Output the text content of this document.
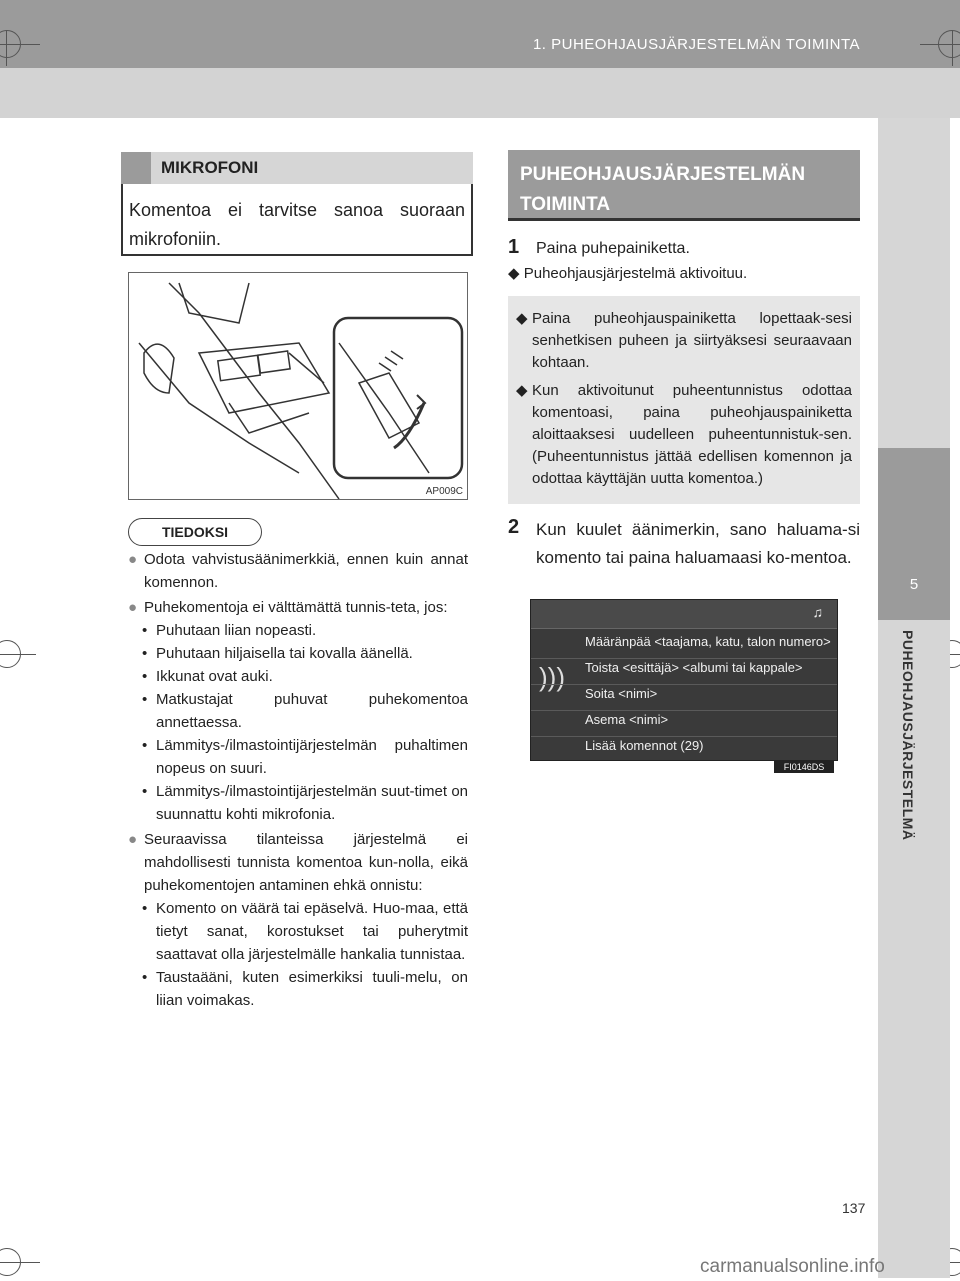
1. PUHEOHJAUSJÄRJESTELMÄN TOIMINTA
5
PUHEOHJAUSJÄRJESTELMÄ
MIKROFONI
Komentoa ei tarvitse sanoa suoraan mikrofoniin.
AP009C
TIEDOKSI
● Odota vahvistusäänimerkkiä, ennen kuin annat komennon.
● Puhekomentoja ei välttämättä tunnis-teta, jos:
• Puhutaan liian nopeasti.
• Puhutaan hiljaisella tai kovalla äänellä.
• Ikkunat ovat auki.
• Matkustajat puhuvat puhekomentoa annettaessa.
• Lämmitys-/ilmastointijärjestelmän puhaltimen nopeus on suuri.
• Lämmitys-/ilmastointijärjestelmän suut-timet on suunnattu kohti mikrofonia.
● Seuraavissa tilanteissa järjestelmä ei mahdollisesti tunnista komentoa kun-nolla, eikä puhekomentojen antaminen ehkä onnistu:
• Komento on väärä tai epäselvä. Huo-maa, että tietyt sanat, korostukset tai puherytmit saattavat olla järjestelmälle hankalia tunnistaa.
• Taustaääni, kuten esimerkiksi tuuli-melu, on liian voimakas.
PUHEOHJAUSJÄRJESTELMÄN TOIMINTA
1	Paina puhepainiketta.
◆ Puheohjausjärjestelmä aktivoituu.
◆ Paina puheohjauspainiketta lopettaak-sesi senhetkisen puheen ja siirtyäksesi seuraavaan kohtaan.
◆ Kun aktivoitunut puheentunnistus odottaa komentoasi, paina puheohjauspainiketta aloittaaksesi uudelleen puheentunnistuk-sen. (Puheentunnistus jättää edellisen komennon ja odottaa käyttäjän uutta komentoa.)
2 Kun kuulet äänimerkin, sano haluama-si komento tai paina haluamaasi ko-mentoa.
♫
)))
Määränpää <taajama, katu, talon numero>
Toista <esittäjä> <albumi tai kappale>
Soita <nimi>
Asema <nimi>
Lisää komennot (29)
FI0146DS
137
carmanualsonline.info
